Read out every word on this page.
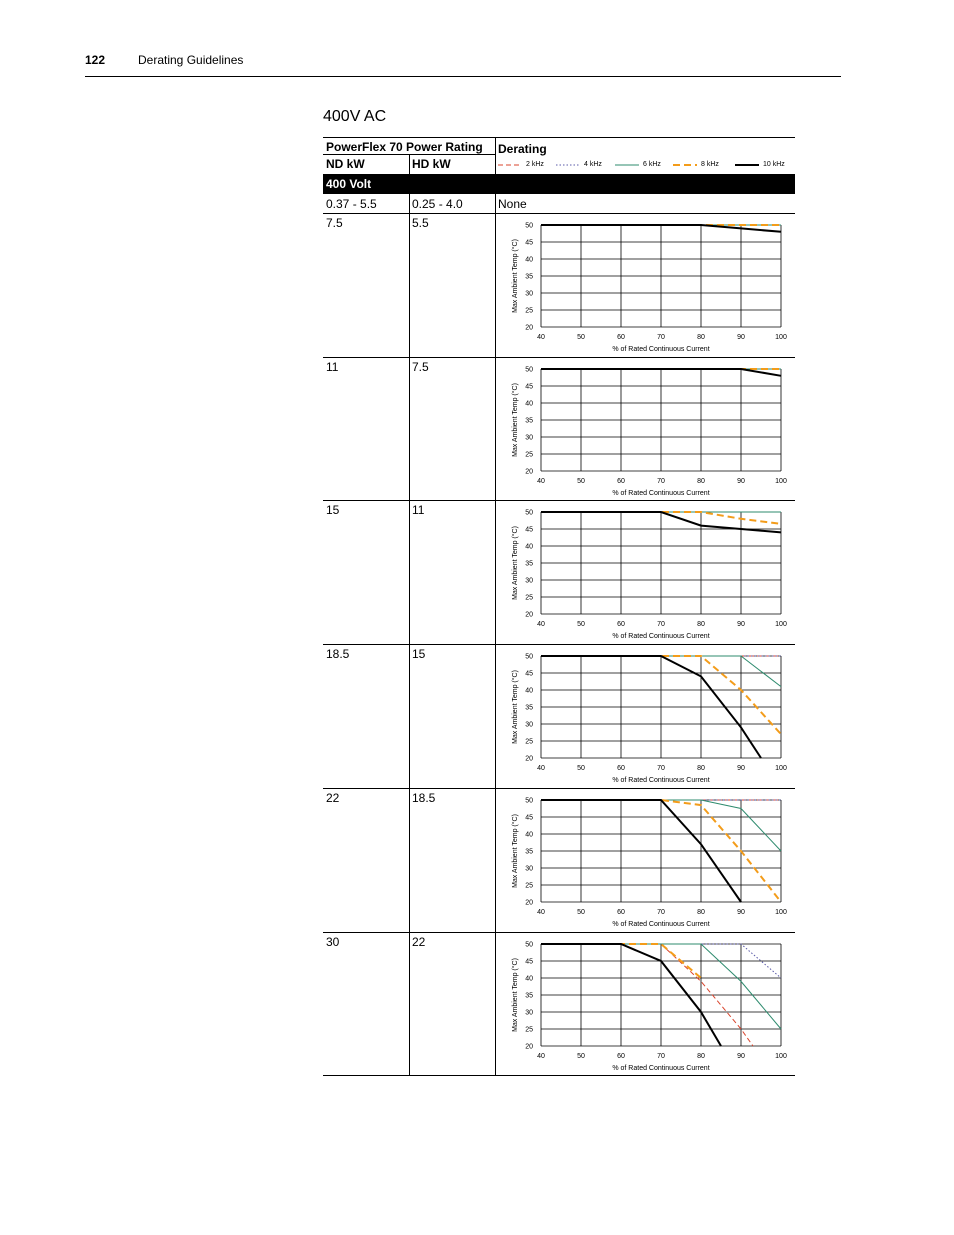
122	Derating Guidelines
400V AC
PowerFlex 70 Power Rating Derating
ND kW	HD kW	2 kHz	4 kHz	6 kHz	8 kHz	10 kHz
400 Volt
0.37 - 5.5	0.25 - 4.0	None
7.5	5.5
11	7.5
15	11
18.5	15
22	18.5
30	22
40	50	60	70	80	90	100
20
25
30
35
40
45
50
% of Rated Continuous Current
Max Ambient Temp (°C)
40	50	60	70	80	90	100
20
25
30
35
40
45
50
% of Rated Continuous Current
Max Ambient Temp (°C)
40	50	60	70	80	90	100
20
25
30
35
40
45
50
% of Rated Continuous Current
Max Ambient Temp (°C)
40	50	60	70	80	90	100
20
25
30
35
40
45
50
% of Rated Continuous Current
Max Ambient Temp (°C)
40	50	60	70	80	90	100
20
25
30
35
40
45
50
% of Rated Continuous Current
Max Ambient Temp (°C)
40	50	60	70	80	90	100
20
25
30
35
40
45
50
% of Rated Continuous Current
Max Ambient Temp (°C)
